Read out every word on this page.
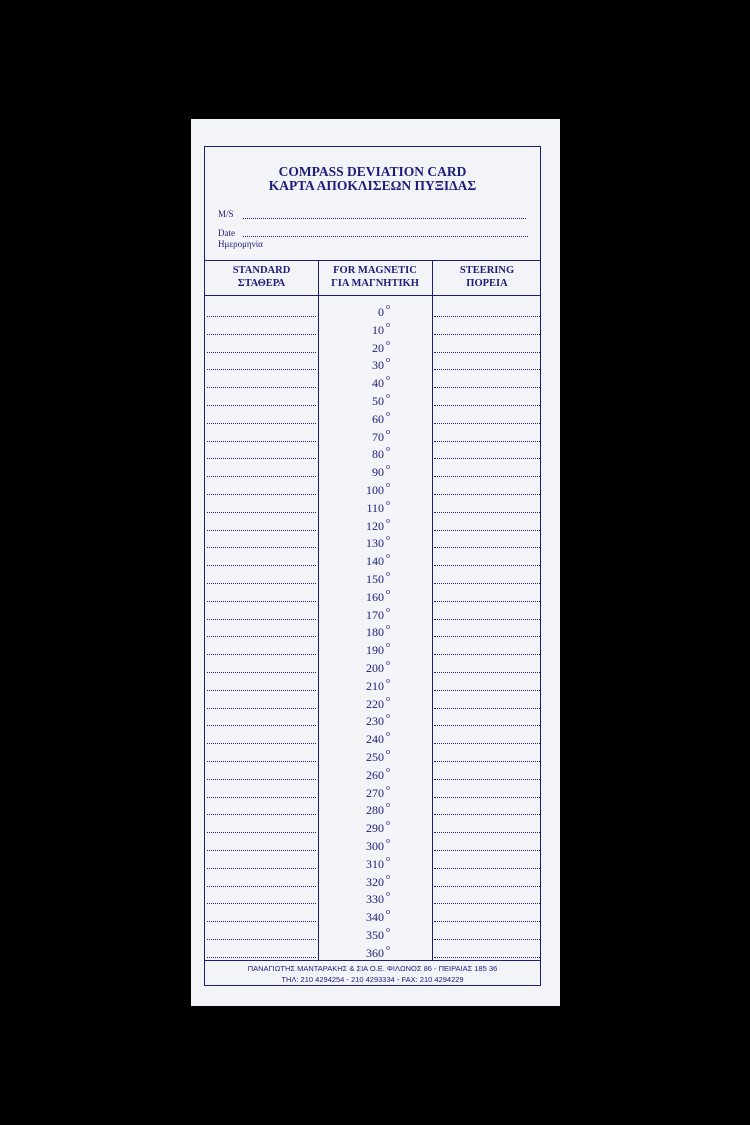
COMPASS DEVIATION CARD
ΚΑΡΤΑ ΑΠΟΚΛΙΣΕΩΝ ΠΥΞΙΔΑΣ
M/S
Date
Ημερομηνία
STANDARD
ΣΤΑΘΕΡΑ
FOR MAGNETIC
ΓΙΑ ΜΑΓΝΗΤΙΚΗ
STEERING
ΠΟΡΕΙΑ
0 $^o$
10 $^o$
20 $^o$
30 $^o$
40 $^o$
50 $^o$
60 $^o$
70 $^o$
80 $^o$
90 $^o$
100 $^o$
110 $^o$
120 $^o$
130 $^o$
140 $^o$
150 $^o$
160 $^o$
170 $^o$
180 $^o$
190 $^o$
200 $^o$
210 $^o$
220 $^o$
230 $^o$
240 $^o$
250 $^o$
260 $^o$
270 $^o$
280 $^o$
290 $^o$
300 $^o$
310 $^o$
320 $^o$
330 $^o$
340 $^o$
350 $^o$
360 $^o$
ΠΑΝΑΓΙΩΤΗΣ ΜΑΝΤΑΡΑΚΗΣ & ΣΙΑ Ο.Ε. ΦΙΛΩΝΟΣ 86 - ΠΕΙΡΑΙΑΣ 185 36
ΤΗΛ: 210 4294254 - 210 4293334 - FAX: 210 4294229
